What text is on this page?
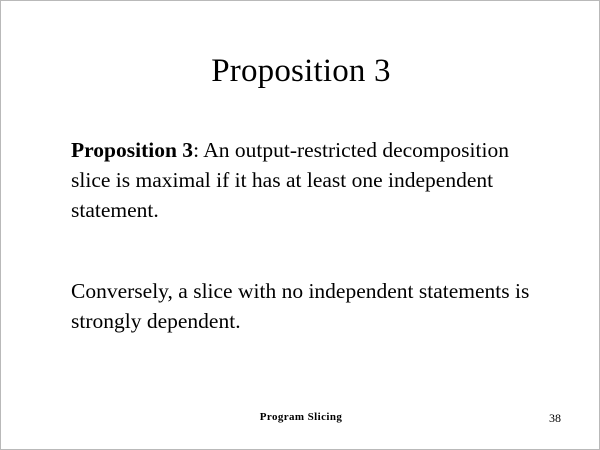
Proposition 3
Proposition 3: An output-restricted decomposition slice is maximal if it has at least one independent statement.
Conversely, a slice with no independent statements is strongly dependent.
Program Slicing	38
